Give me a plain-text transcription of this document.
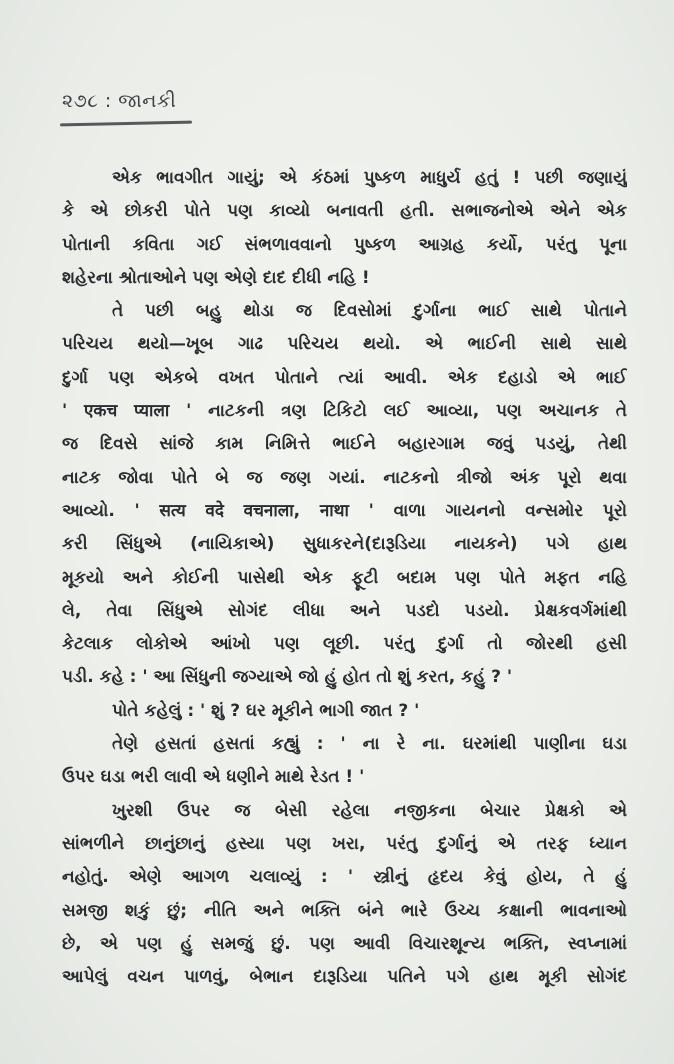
૨૭૮ : જાનકી
એક ભાવગીત ગાયું; એ કંઠમાં પુષ્કળ માધુર્ય હતું ! પછી જણાયું
કે એ છોકરી પોતે પણ કાવ્યો બનાવતી હતી. સભાજનોએ એને એક
પોતાની કવિતા ગઈ સંભળાવવાનો પુષ્કળ આગ્રહ કર્યો, પરંતુ પૂના
શહેરના શ્રોતાઓને પણ એણે દાદ દીધી નહિ !
તે પછી બહુ થોડા જ દિવસોમાં દુર્ગાના ભાઈ સાથે પોતાને
પરિચય થયો—ખૂબ ગાઢ પરિચય થયો. એ ભાઈની સાથે સાથે
દુર્ગા પણ એકબે વખત પોતાને ત્યાં આવી. એક દહાડો એ ભાઈ
' एकच प्याला ' નાટકની ત્રણ ટિકિટો લઈ આવ્યા, પણ અચાનક તે
જ દિવસે સાંજે કામ નિમિત્તે ભાઈને બહારગામ જવું પડયું, તેથી
નાટક જોવા પોતે બે જ જણ ગયાં. નાટકનો ત્રીજો અંક પૂરો થવા
આવ્યો. ' सत्य वदे वचनाला, नाथा ' વાળા ગાયનનો વન્સમોર પૂરો
કરી સિંધુએ (નાયિકાએ) સુધાકરને(દારૂડિયા નાયકને) પગે હાથ
મૂકયો અને કોઈની પાસેથી એક ફૂટી બદામ પણ પોતે મફત નહિ
લે, તેવા સિંધુએ સોગંદ લીધા અને પડદો પડયો. પ્રેક્ષકવર્ગમાંથી
કેટલાક લોકોએ આંખો પણ લૂછી. પરંતુ દુર્ગા તો જોરથી હસી
પડી. કહે : ' આ સિંધુની જગ્યાએ જો હું હોત તો શું કરત, કહું ? '
પોતે કહેલું : ' શું ? ઘર મૂકીને ભાગી જાત ? '
તેણે હસતાં હસતાં કહ્યું : ' ના રે ના. ઘરમાંથી પાણીના ઘડા
ઉપર ઘડા ભરી લાવી એ ધણીને માથે રેડત ! '
ખુરશી ઉપર જ બેસી રહેલા નજીકના બેચાર પ્રેક્ષકો એ
સાંભળીને છાનુંછાનું હસ્યા પણ ખરા, પરંતુ દુર્ગાનું એ તરફ ધ્યાન
નહોતું. એણે આગળ ચલાવ્યું : ' સ્ત્રીનું હૃદય કેવું હોય, તે હું
સમજી શકું છું; નીતિ અને ભક્તિ બંને ભારે ઉચ્ચ કક્ષાની ભાવનાઓ
છે, એ પણ હું સમજું છું. પણ આવી વિચારશૂન્ય ભક્તિ, સ્વપ્નામાં
આપેલું વચન પાળવું, બેભાન દારૂડિયા પતિને પગે હાથ મૂકી સોગંદ
